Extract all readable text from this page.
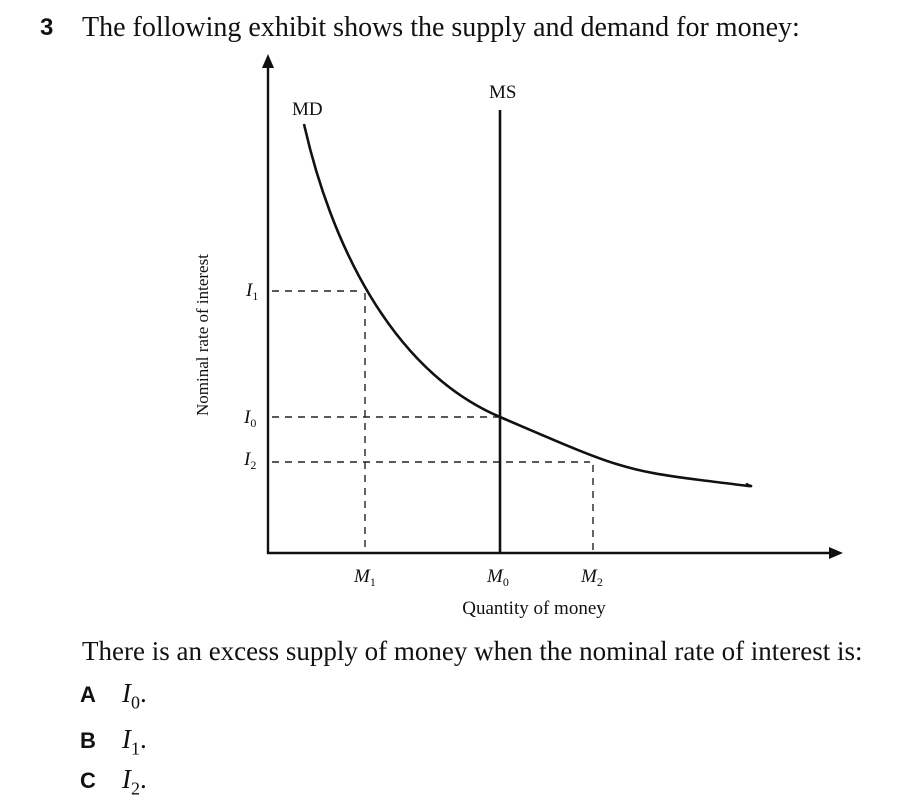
3 The following exhibit shows the supply and demand for money:
MD
MS
$I_1$
$I_0$
$I_2$
$M_1$	$M_0$	$M_2$
Quantity of money
Nominal rate of interest
There is an excess supply of money when the nominal rate of interest is:
A $I_0$.
B $I_1$.
C $I_2$.
